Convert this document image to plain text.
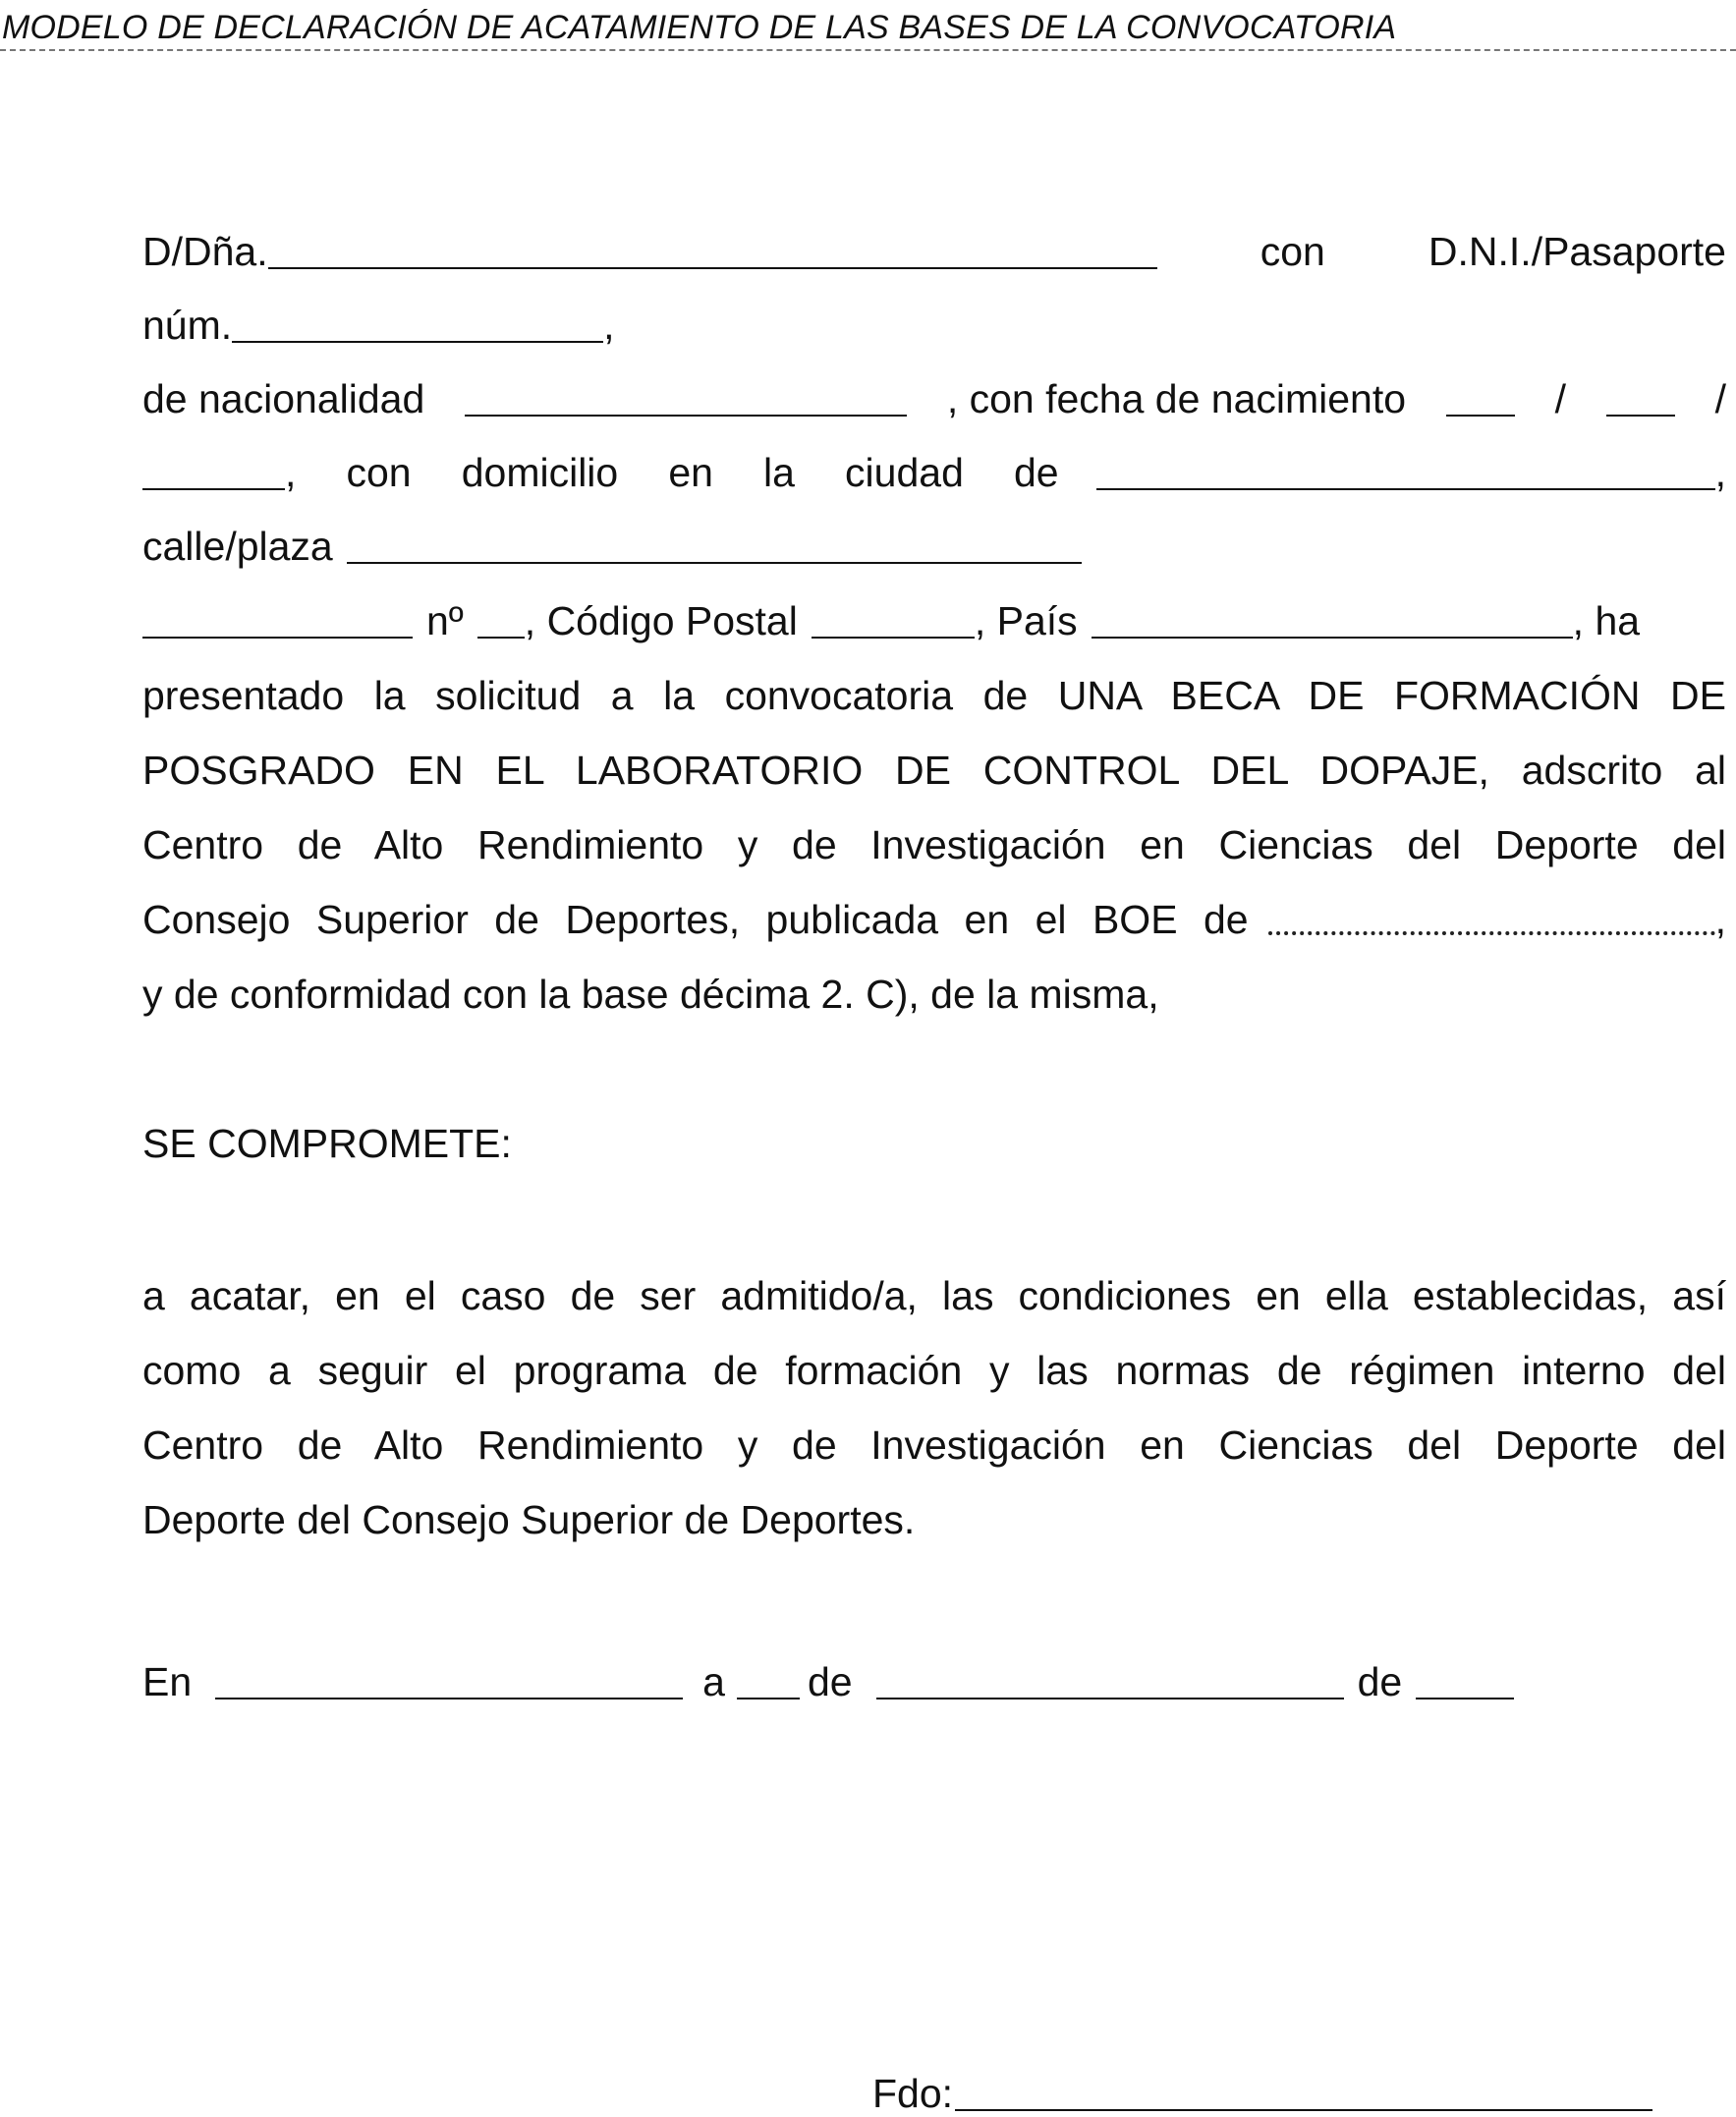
MODELO DE DECLARACIÓN DE ACATAMIENTO DE LAS BASES DE LA CONVOCATORIA
D/Dña.	con	D.N.I./Pasaporte
núm.	,
de nacionalidad	, con fecha de nacimiento	/	/
, con domicilio en la ciudad de	,
calle/plaza
nº , Código Postal	, País	, ha
presentado la solicitud a la convocatoria de UNA BECA DE FORMACIÓN DE
POSGRADO EN EL LABORATORIO DE CONTROL DEL DOPAJE, adscrito al
Centro de Alto Rendimiento y de Investigación en Ciencias del Deporte del
Consejo Superior de Deportes, publicada en el BOE de	,
y de conformidad con la base décima 2. C), de la misma,
SE COMPROMETE:
a acatar, en el caso de ser admitido/a, las condiciones en ella establecidas, así
como a seguir el programa de formación y las normas de régimen interno del
Centro de Alto Rendimiento y de Investigación en Ciencias del Deporte del
Deporte del Consejo Superior de Deportes.
En	a de	de
Fdo:
